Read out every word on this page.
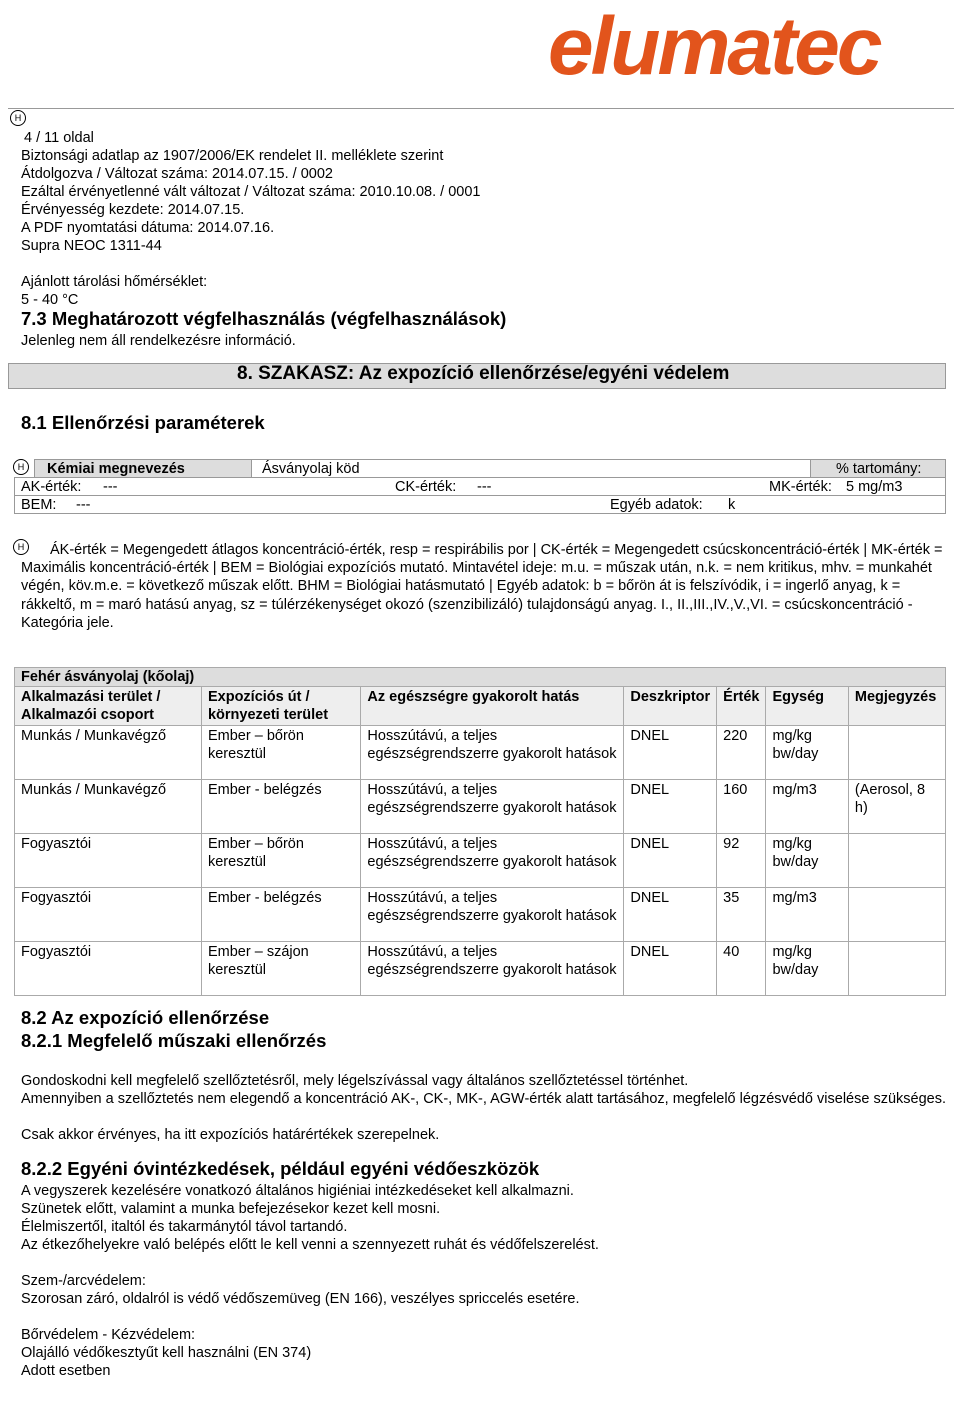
elumatec
H
4 / 11 oldal
Biztonsági adatlap az 1907/2006/EK rendelet II. melléklete szerint
Átdolgozva / Változat száma: 2014.07.15. / 0002
Ezáltal érvényetlenné vált változat / Változat száma: 2010.10.08. / 0001
Érvényesség kezdete: 2014.07.15.
A PDF nyomtatási dátuma: 2014.07.16.
Supra NEOC 1311-44
Ajánlott tárolási hőmérséklet:
5 - 40 °C
7.3 Meghatározott végfelhasználás (végfelhasználások)
Jelenleg nem áll rendelkezésre információ.
8. SZAKASZ: Az expozíció ellenőrzése/egyéni védelem
8.1 Ellenőrzési paraméterek
H	Kémiai megnevezés	Ásványolaj köd	% tartomány:
AK-érték: ---	CK-érték: ---	MK-érték: 5 mg/m3
BEM: ---	Egyéb adatok: k
H	ÁK-érték = Megengedett átlagos koncentráció-érték, resp = respirábilis por | CK-érték = Megengedett csúcskoncentráció-érték | MK-érték = Maximális koncentráció-érték | BEM = Biológiai expozíciós mutató. Mintavétel ideje: m.u. = műszak után, n.k. = nem kritikus, mhv. = munkahét végén, köv.m.e. = következő műszak előtt. BHM = Biológiai hatásmutató | Egyéb adatok: b = bőrön át is felszívódik, i = ingerlő anyag, k = rákkeltő, m = maró hatású anyag, sz = túlérzékenységet okozó (szenzibilizáló) tulajdonságú anyag. I., II.,III.,IV.,V.,VI. = csúcskoncentráció - Kategória jele.
Fehér ásványolaj (kőolaj)						
Alkalmazási terület / Alkalmazói csoport	Expozíciós út / környezeti terület	Az egészségre gyakorolt hatás	Deszkriptor	Érték	Egység	Megjegyzés
Munkás / Munkavégző	Ember – bőrön keresztül	Hosszútávú, a teljes egészségrendszerre gyakorolt hatások	DNEL	220	mg/kg bw/day	
Munkás / Munkavégző	Ember - belégzés	Hosszútávú, a teljes egészségrendszerre gyakorolt hatások	DNEL	160	mg/m3	(Aerosol, 8 h)
Fogyasztói	Ember – bőrön keresztül	Hosszútávú, a teljes egészségrendszerre gyakorolt hatások	DNEL	92	mg/kg bw/day	
Fogyasztói	Ember - belégzés	Hosszútávú, a teljes egészségrendszerre gyakorolt hatások	DNEL	35	mg/m3	
Fogyasztói	Ember – szájon keresztül	Hosszútávú, a teljes egészségrendszerre gyakorolt hatások	DNEL	40	mg/kg bw/day	
8.2 Az expozíció ellenőrzése
8.2.1 Megfelelő műszaki ellenőrzés
Gondoskodni kell megfelelő szellőztetésről, mely légelszívással vagy általános szellőztetéssel történhet.
Amennyiben a szellőztetés nem elegendő a koncentráció AK-, CK-, MK-, AGW-érték alatt tartásához, megfelelő légzésvédő viselése szükséges.
Csak akkor érvényes, ha itt expozíciós határértékek szerepelnek.
8.2.2 Egyéni óvintézkedések, például egyéni védőeszközök
A vegyszerek kezelésére vonatkozó általános higiéniai intézkedéseket kell alkalmazni.
Szünetek előtt, valamint a munka befejezésekor kezet kell mosni.
Élelmiszertől, italtól és takarmánytól távol tartandó.
Az étkezőhelyekre való belépés előtt le kell venni a szennyezett ruhát és védőfelszerelést.
Szem-/arcvédelem:
Szorosan záró, oldalról is védő védőszemüveg (EN 166), veszélyes spriccelés esetére.
Bőrvédelem - Kézvédelem:
Olajálló védőkesztyűt kell használni (EN 374)
Adott esetben
